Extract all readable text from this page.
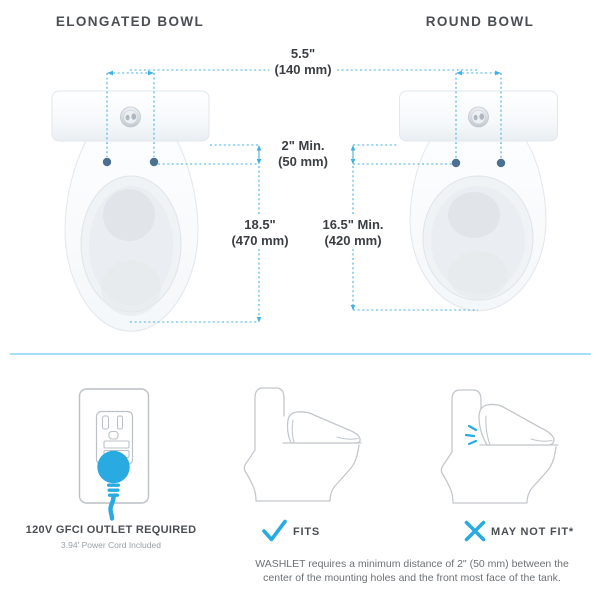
ELONGATED BOWL	ROUND BOWL
5.5"
(140 mm)
2" Min.
(50 mm)
18.5"
(470 mm)
16.5" Min.
(420 mm)
120V GFCI OUTLET REQUIRED
3.94' Power Cord Included
FITS	MAY NOT FIT*
WASHLET requires a minimum distance of 2" (50 mm) between the
center of the mounting holes and the front most face of the tank.
